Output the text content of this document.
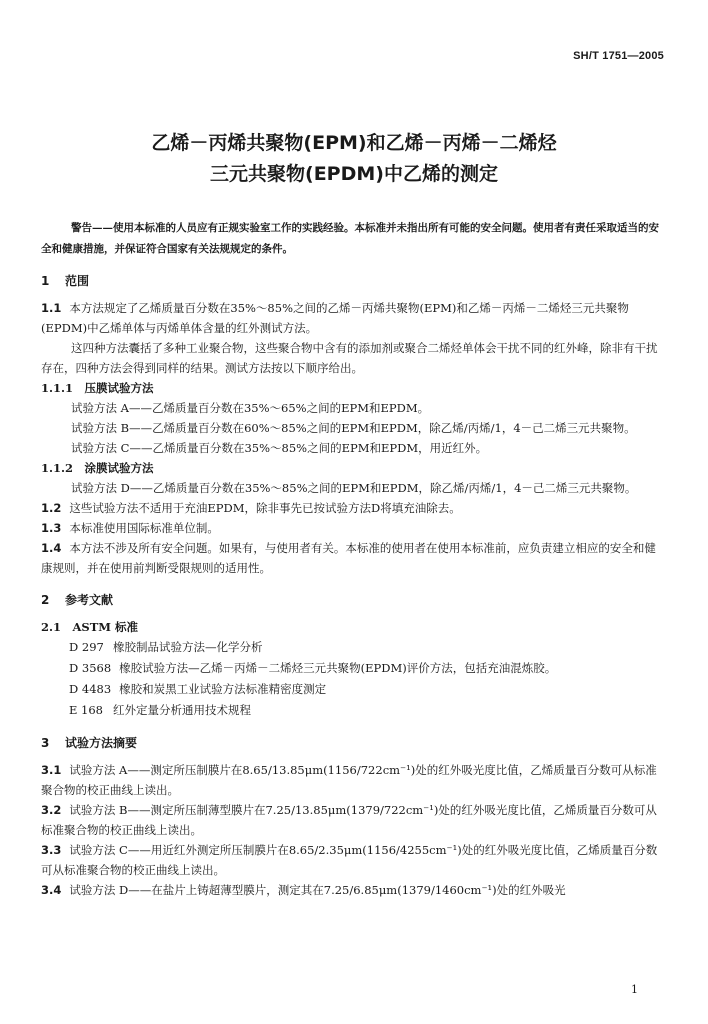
SH/T 1751—2005
乙烯－丙烯共聚物(EPM)和乙烯－丙烯－二烯烃
三元共聚物(EPDM)中乙烯的测定

警告——使用本标准的人员应有正规实验室工作的实践经验。本标准并未指出所有可能的安全问题。使用者有责任采取适当的安全和健康措施，并保证符合国家有关法规规定的条件。

1 范围

1.1 本方法规定了乙烯质量百分数在35%～85%之间的乙烯－丙烯共聚物(EPM)和乙烯－丙烯－二烯烃三元共聚物(EPDM)中乙烯单体与丙烯单体含量的红外测试方法。

这四种方法囊括了多种工业聚合物，这些聚合物中含有的添加剂或聚合二烯烃单体会干扰不同的红外峰，除非有干扰存在，四种方法会得到同样的结果。测试方法按以下顺序给出。

1.1.1　压膜试验方法

试验方法 A——乙烯质量百分数在35%～65%之间的EPM和EPDM。

试验方法 B——乙烯质量百分数在60%～85%之间的EPM和EPDM，除乙烯/丙烯/1，4－己二烯三元共聚物。

试验方法 C——乙烯质量百分数在35%～85%之间的EPM和EPDM，用近红外。

1.1.2　涂膜试验方法

试验方法 D——乙烯质量百分数在35%～85%之间的EPM和EPDM，除乙烯/丙烯/1，4－己二烯三元共聚物。

1.2 这些试验方法不适用于充油EPDM，除非事先已按试验方法D将填充油除去。

1.3 本标准使用国际标准单位制。

1.4 本方法不涉及所有安全问题。如果有，与使用者有关。本标准的使用者在使用本标准前，应负责建立相应的安全和健康规则，并在使用前判断受限规则的适用性。

2 参考文献

2.1　ASTM 标准

D 297 橡胶制品试验方法—化学分析

D 3568 橡胶试验方法—乙烯－丙烯－二烯烃三元共聚物(EPDM)评价方法，包括充油混炼胶。

D 4483 橡胶和炭黑工业试验方法标准精密度测定

E 168 红外定量分析通用技术规程

3 试验方法摘要

3.1 试验方法 A——测定所压制膜片在8.65/13.85μm(1156/722cm⁻¹)处的红外吸光度比值，乙烯质量百分数可从标准聚合物的校正曲线上读出。

3.2 试验方法 B——测定所压制薄型膜片在7.25/13.85μm(1379/722cm⁻¹)处的红外吸光度比值，乙烯质量百分数可从标准聚合物的校正曲线上读出。

3.3 试验方法 C——用近红外测定所压制膜片在8.65/2.35μm(1156/4255cm⁻¹)处的红外吸光度比值，乙烯质量百分数可从标准聚合物的校正曲线上读出。

3.4 试验方法 D——在盐片上铸超薄型膜片，测定其在7.25/6.85μm(1379/1460cm⁻¹)处的红外吸光

1
